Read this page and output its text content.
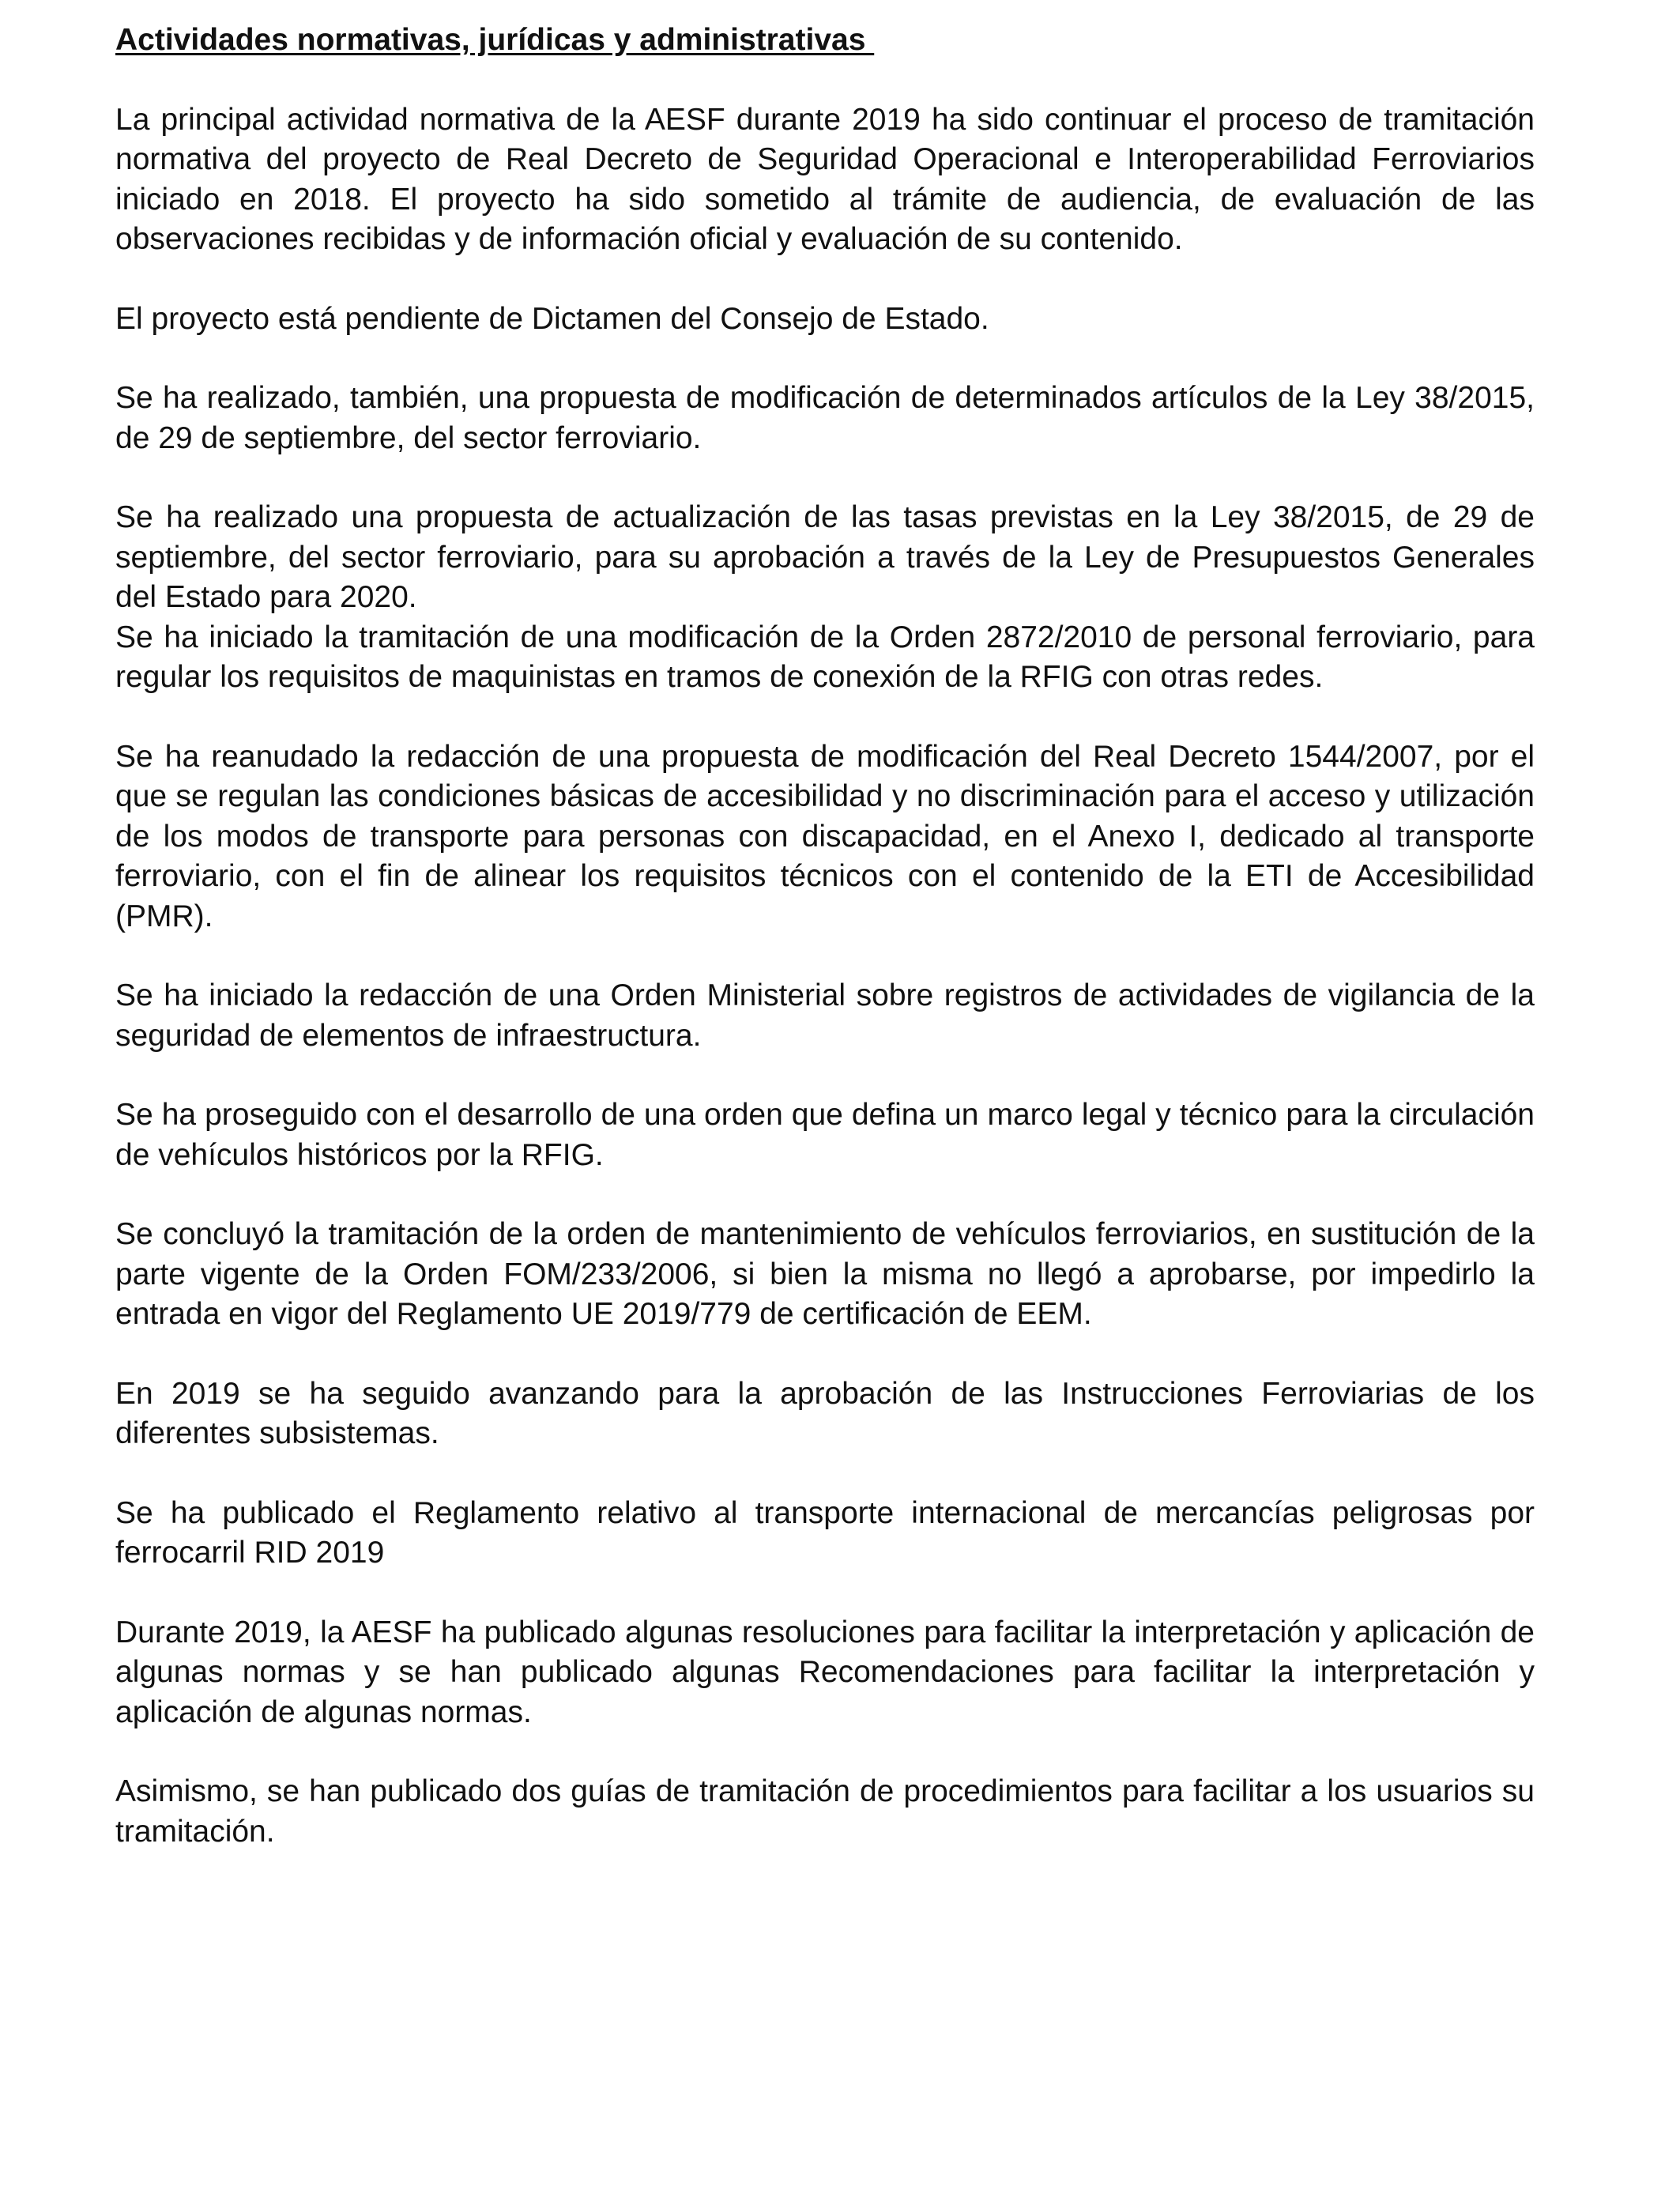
Actividades normativas, jurídicas y administrativas

La principal actividad normativa de la AESF durante 2019 ha sido continuar el proceso de tramitación normativa del proyecto de Real Decreto de Seguridad Operacional e Interoperabilidad Ferroviarios iniciado en 2018. El proyecto ha sido sometido al trámite de audiencia, de evaluación de las observaciones recibidas y de información oficial y evaluación de su contenido.

El proyecto está pendiente de Dictamen del Consejo de Estado.

Se ha realizado, también, una propuesta de modificación de determinados artículos de la Ley 38/2015, de 29 de septiembre, del sector ferroviario.

Se ha realizado una propuesta de actualización de las tasas previstas en la Ley 38/2015, de 29 de septiembre, del sector ferroviario, para su aprobación a través de la Ley de Presupuestos Generales del Estado para 2020.

Se ha iniciado la tramitación de una modificación de la Orden 2872/2010 de personal ferroviario, para regular los requisitos de maquinistas en tramos de conexión de la RFIG con otras redes.

Se ha reanudado la redacción de una propuesta de modificación del Real Decreto 1544/2007, por el que se regulan las condiciones básicas de accesibilidad y no discriminación para el acceso y utilización de los modos de transporte para personas con discapacidad, en el Anexo I, dedicado al transporte ferroviario, con el fin de alinear los requisitos técnicos con el contenido de la ETI de Accesibilidad (PMR).

Se ha iniciado la redacción de una Orden Ministerial sobre registros de actividades de vigilancia de la seguridad de elementos de infraestructura.

Se ha proseguido con el desarrollo de una orden que defina un marco legal y técnico para la circulación de vehículos históricos por la RFIG.

Se concluyó la tramitación de la orden de mantenimiento de vehículos ferroviarios, en sustitución de la parte vigente de la Orden FOM/233/2006, si bien la misma no llegó a aprobarse, por impedirlo la entrada en vigor del Reglamento UE 2019/779 de certificación de EEM.

En 2019 se ha seguido avanzando para la aprobación de las Instrucciones Ferroviarias de los diferentes subsistemas.

Se ha publicado el Reglamento relativo al transporte internacional de mercancías peligrosas por ferrocarril RID 2019

Durante 2019, la AESF ha publicado algunas resoluciones para facilitar la interpretación y aplicación de algunas normas y se han publicado algunas Recomendaciones para facilitar la interpretación y aplicación de algunas normas.

Asimismo, se han publicado dos guías de tramitación de procedimientos para facilitar a los usuarios su tramitación.
